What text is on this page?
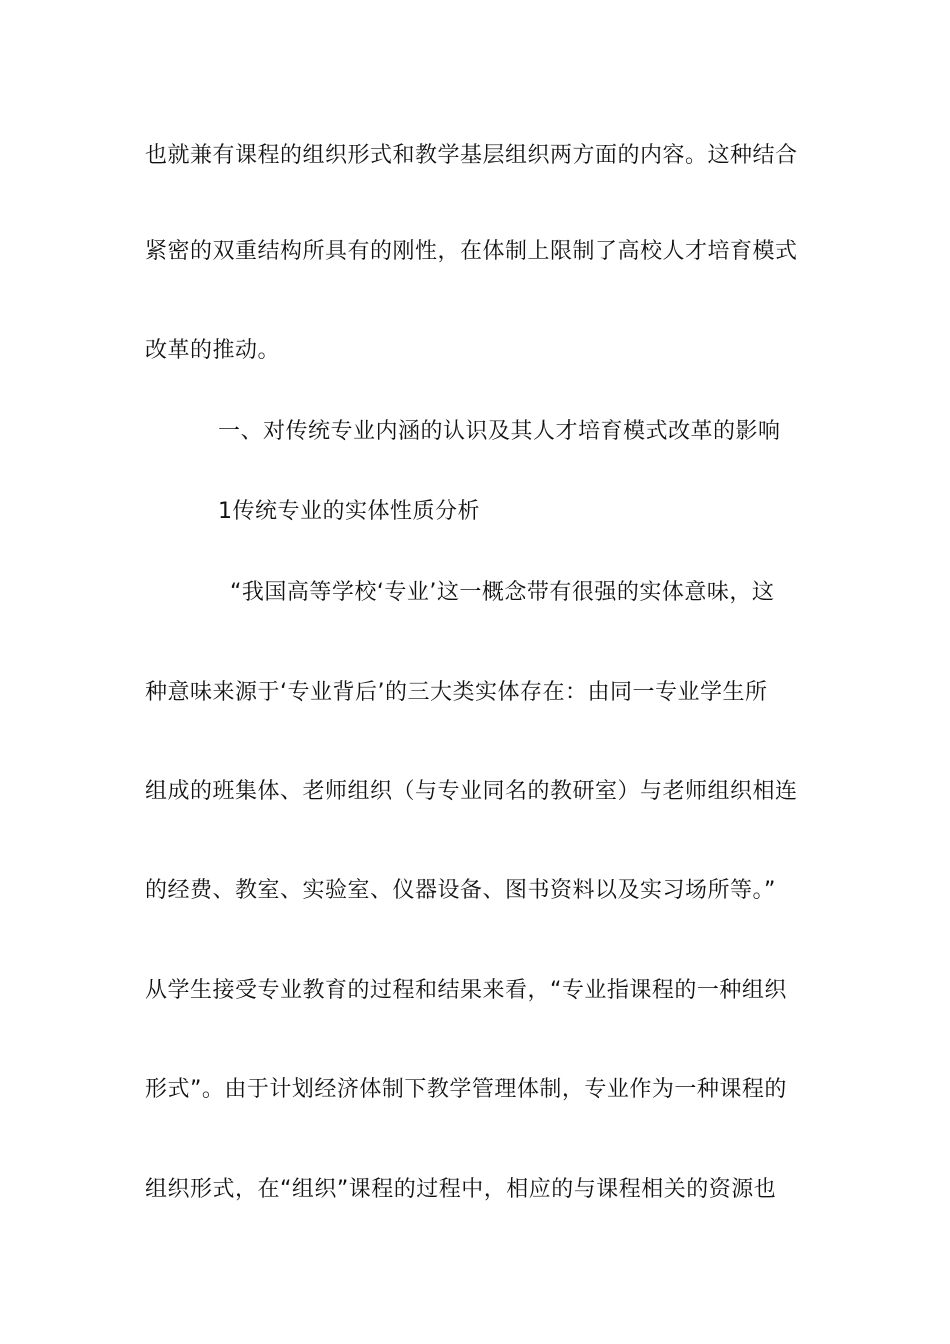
也就兼有课程的组织形式和教学基层组织两方面的内容。这种结合
紧密的双重结构所具有的刚性，在体制上限制了高校人才培育模式
改革的推动。
一、对传统专业内涵的认识及其人才培育模式改革的影响
1传统专业的实体性质分析
“我国高等学校‘专业’这一概念带有很强的实体意味，这
种意味来源于‘专业背后’的三大类实体存在：由同一专业学生所
组成的班集体、老师组织（与专业同名的教研室）与老师组织相连
的经费、教室、实验室、仪器设备、图书资料以及实习场所等。”
从学生接受专业教育的过程和结果来看，“专业指课程的一种组织
形式”。由于计划经济体制下教学管理体制，专业作为一种课程的
组织形式，在“组织”课程的过程中，相应的与课程相关的资源也
